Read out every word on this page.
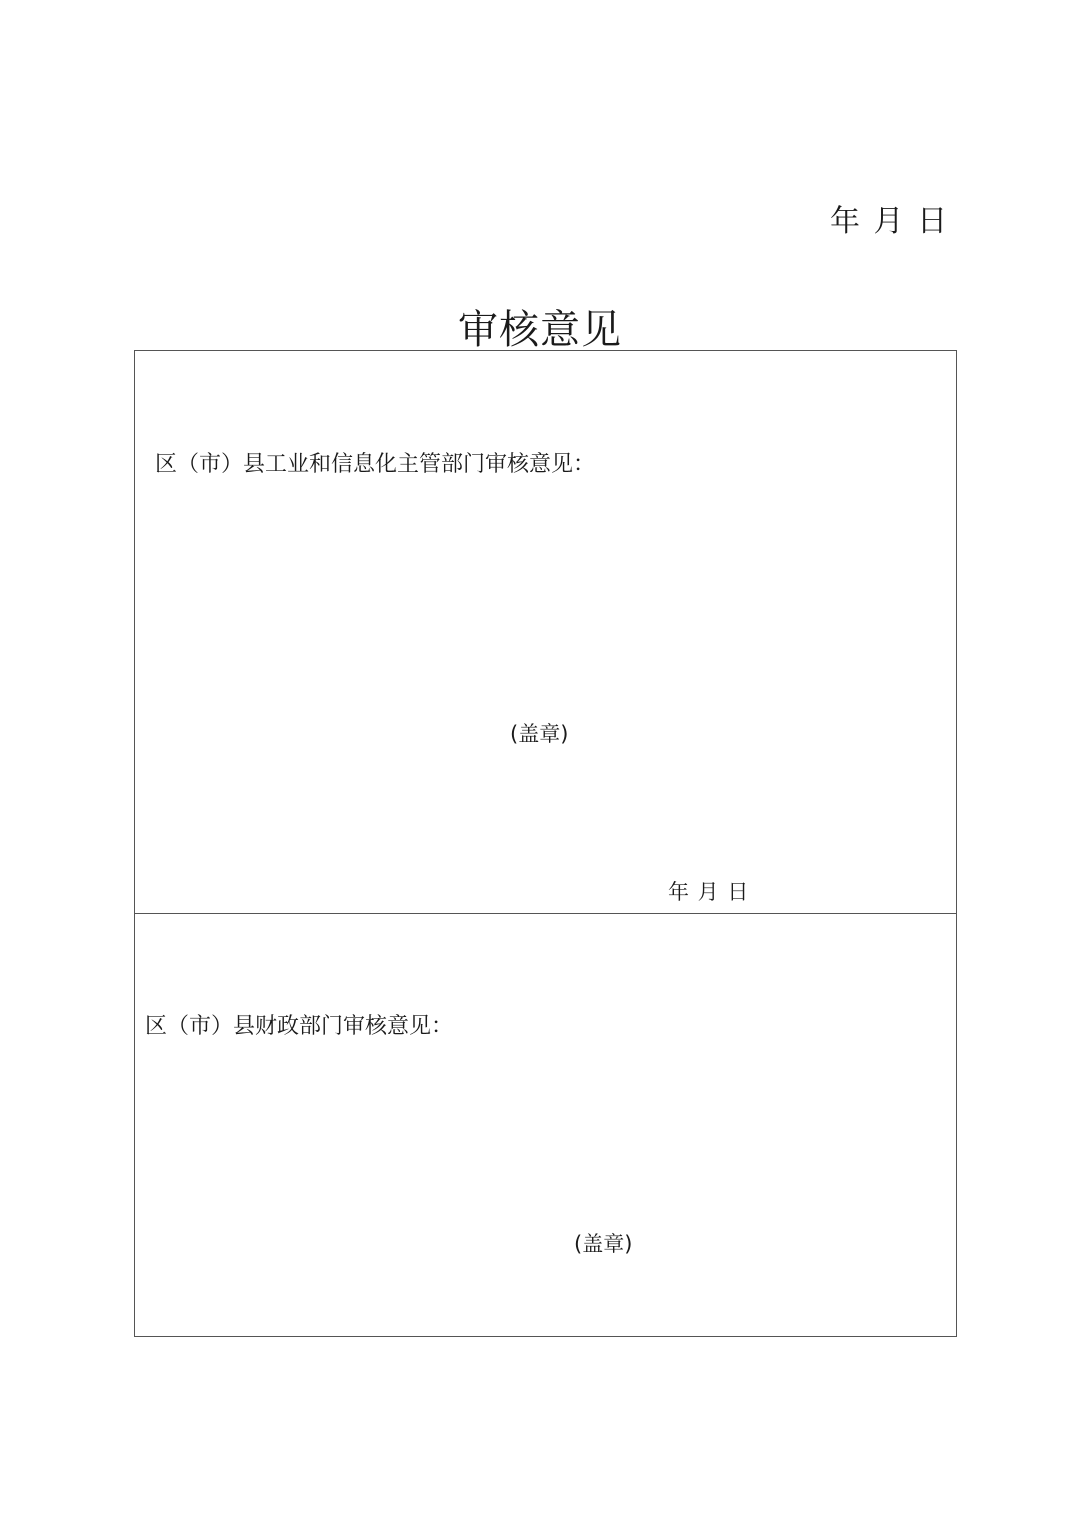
年 月 日
审核意见
区（市）县工业和信息化主管部门审核意见：
(盖章)
年 月 日
区（市）县财政部门审核意见：
(盖章)
